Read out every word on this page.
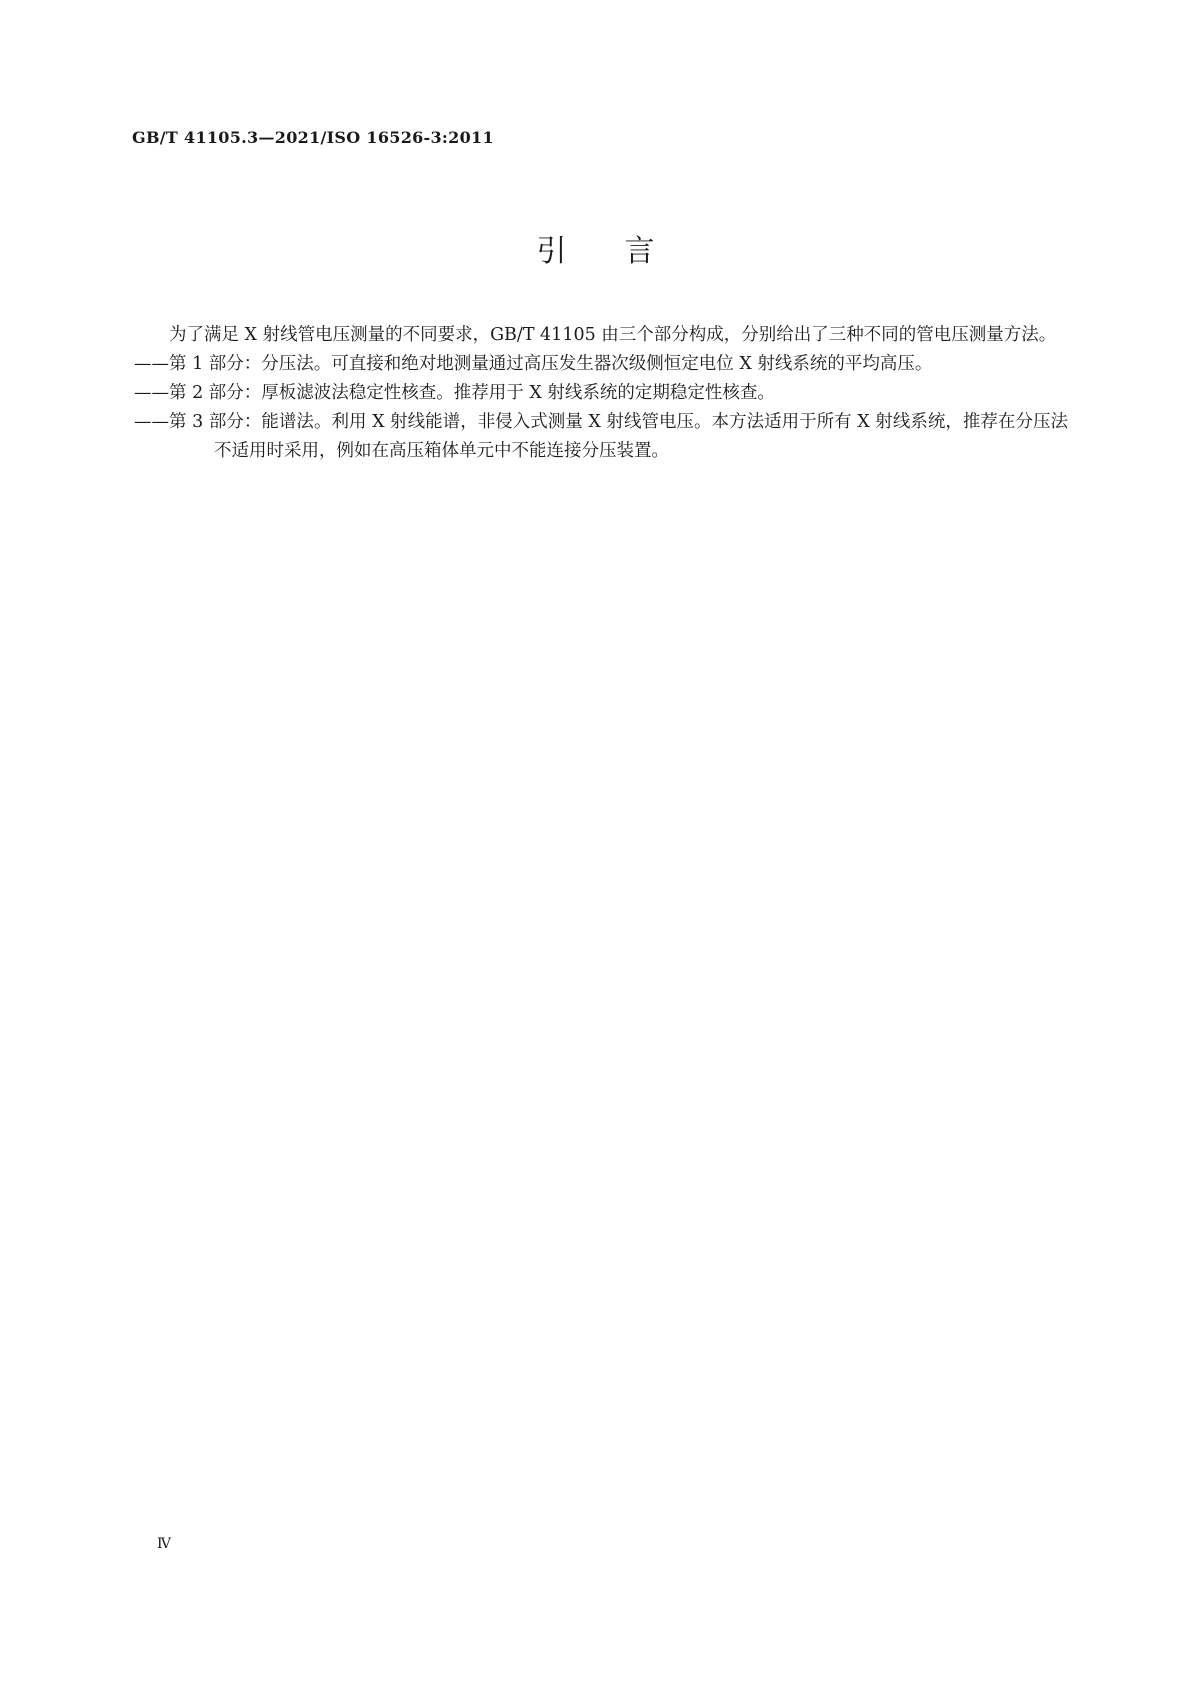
GB/T 41105.3—2021/ISO 16526-3:2011
引 言

为了满足 X 射线管电压测量的不同要求，GB/T 41105 由三个部分构成，分别给出了三种不同的管电压测量方法。

——第 1 部分：分压法。可直接和绝对地测量通过高压发生器次级侧恒定电位 X 射线系统的平均高压。

——第 2 部分：厚板滤波法稳定性核查。推荐用于 X 射线系统的定期稳定性核查。

——第 3 部分：能谱法。利用 X 射线能谱，非侵入式测量 X 射线管电压。本方法适用于所有 X 射线系统，推荐在分压法不适用时采用，例如在高压箱体单元中不能连接分压装置。

Ⅳ
